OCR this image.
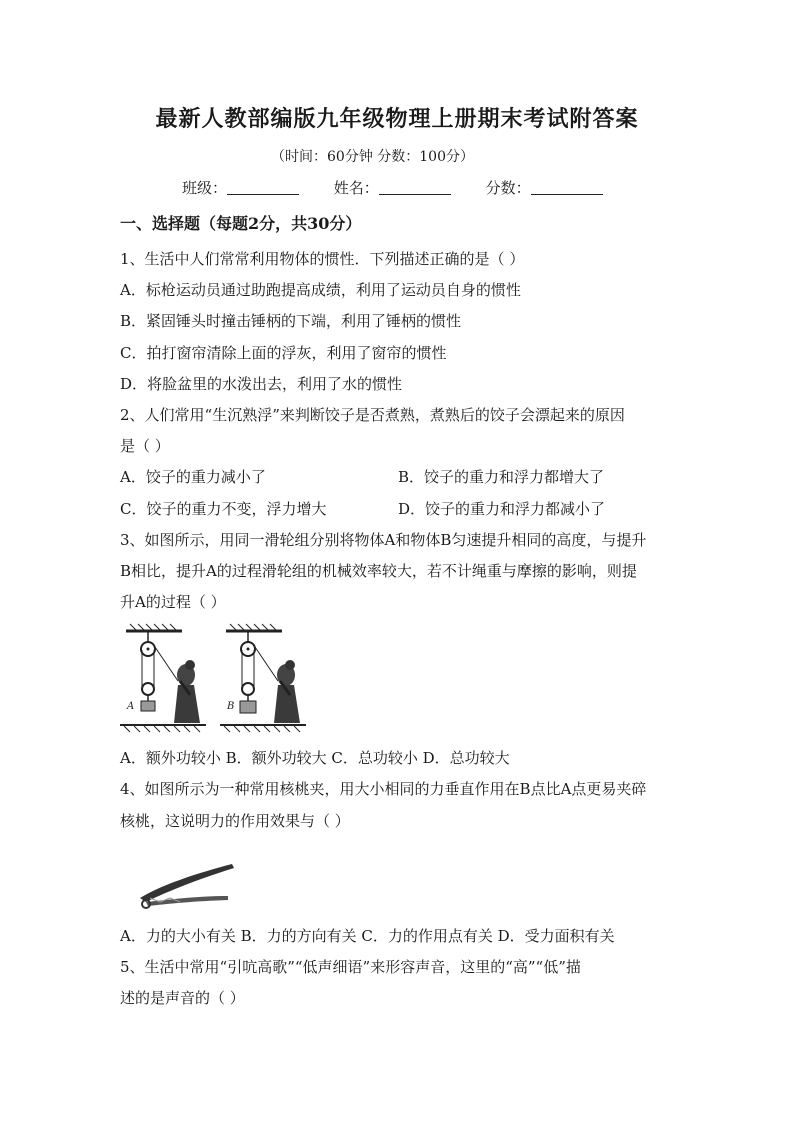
最新人教部编版九年级物理上册期末考试附答案
（时间：60分钟 分数：100分）
班级：	姓名：	分数：
一、选择题（每题2分，共30分）
1、生活中人们常常利用物体的惯性．下列描述正确的是（ ）
A．标枪运动员通过助跑提高成绩，利用了运动员自身的惯性
B．紧固锤头时撞击锤柄的下端，利用了锤柄的惯性
C．拍打窗帘清除上面的浮灰，利用了窗帘的惯性
D．将脸盆里的水泼出去，利用了水的惯性
2、人们常用“生沉熟浮”来判断饺子是否煮熟，煮熟后的饺子会漂起来的原因
是（ ）
A．饺子的重力减小了	B．饺子的重力和浮力都增大了
C．饺子的重力不变，浮力增大	D．饺子的重力和浮力都减小了
3、如图所示，用同一滑轮组分别将物体A和物体B匀速提升相同的高度，与提升
B相比，提升A的过程滑轮组的机械效率较大，若不计绳重与摩擦的影响，则提
升A的过程（ ）
A	B
A．额外功较小 B．额外功较大 C．总功较小 D．总功较大
4、如图所示为一种常用核桃夹，用大小相同的力垂直作用在B点比A点更易夹碎
核桃，这说明力的作用效果与（ ）
A．力的大小有关 B．力的方向有关 C．力的作用点有关 D．受力面积有关
5、生活中常用“引吭高歌”“低声细语”来形容声音，这里的“高”“低”描
述的是声音的（ ）
